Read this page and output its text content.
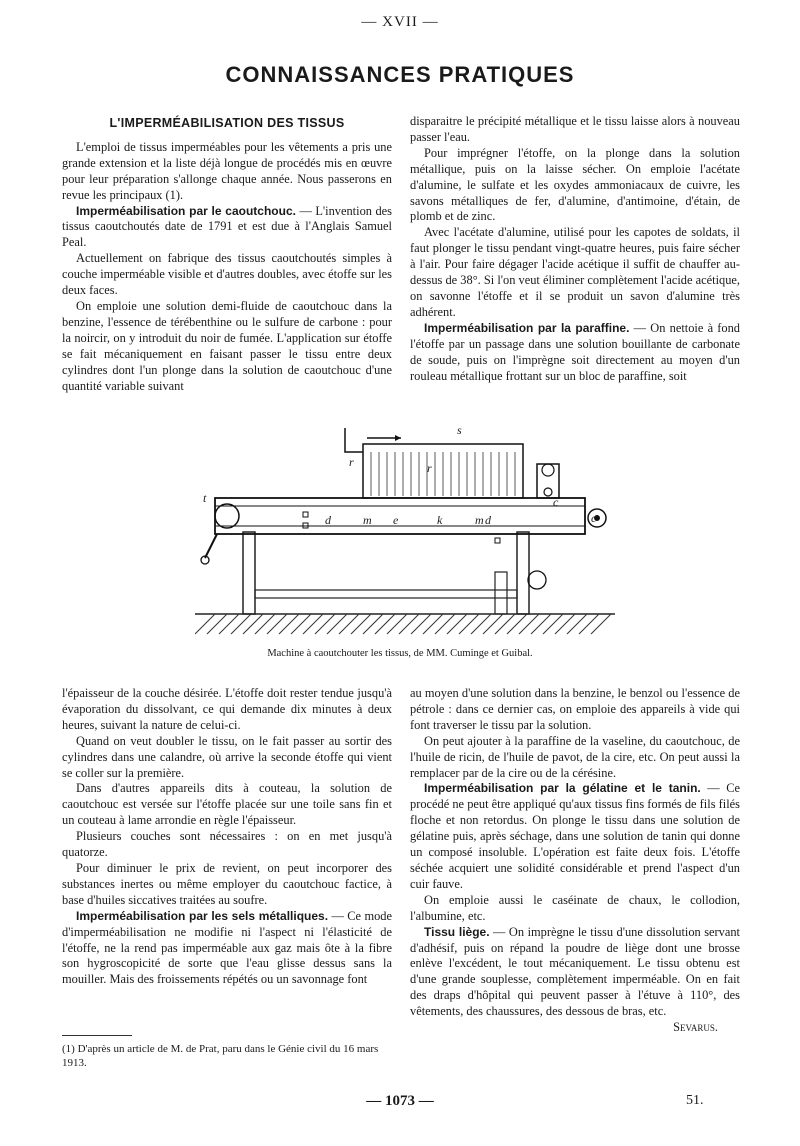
— XVII —
CONNAISSANCES PRATIQUES
L'IMPERMÉABILISATION DES TISSUS

L'emploi de tissus imperméables pour les vêtements a pris une grande extension et la liste déjà longue de procédés mis en œuvre pour leur préparation s'allonge chaque année. Nous passerons en revue les principaux (1).

Imperméabilisation par le caoutchouc. — L'invention des tissus caoutchoutés date de 1791 et est due à l'Anglais Samuel Peal.

Actuellement on fabrique des tissus caoutchoutés simples à couche imperméable visible et d'autres doubles, avec étoffe sur les deux faces.

On emploie une solution demi-fluide de caoutchouc dans la benzine, l'essence de térébenthine ou le sulfure de carbone : pour la noircir, on y introduit du noir de fumée. L'application sur étoffe se fait mécaniquement en faisant passer le tissu entre deux cylindres dont l'un plonge dans la solution de caoutchouc d'une quantité variable suivant

disparaitre le précipité métallique et le tissu laisse alors à nouveau passer l'eau.

Pour imprégner l'étoffe, on la plonge dans la solution métallique, puis on la laisse sécher. On emploie l'acétate d'alumine, le sulfate et les oxydes ammoniacaux de cuivre, les savons métalliques de fer, d'alumine, d'antimoine, d'étain, de plomb et de zinc.

Avec l'acétate d'alumine, utilisé pour les capotes de soldats, il faut plonger le tissu pendant vingt-quatre heures, puis faire sécher à l'air. Pour faire dégager l'acide acétique il suffit de chauffer au-dessus de 38°. Si l'on veut éliminer complètement l'acide acétique, on savonne l'étoffe et il se produit un savon d'alumine très adhérent.

Imperméabilisation par la paraffine. — On nettoie à fond l'étoffe par un passage dans une solution bouillante de carbonate de soude, puis on l'imprègne soit directement au moyen d'un rouleau métallique frottant sur un bloc de paraffine, soit

s
r	r
d	m e	k	m d
c
c
t
Machine à caoutchouter les tissus, de MM. Cuminge et Guibal.

l'épaisseur de la couche désirée. L'étoffe doit rester tendue jusqu'à évaporation du dissolvant, ce qui demande dix minutes à deux heures, suivant la nature de celui-ci.

Quand on veut doubler le tissu, on le fait passer au sortir des cylindres dans une calandre, où arrive la seconde étoffe qui vient se coller sur la première.

Dans d'autres appareils dits à couteau, la solution de caoutchouc est versée sur l'étoffe placée sur une toile sans fin et un couteau à lame arrondie en règle l'épaisseur.

Plusieurs couches sont nécessaires : on en met jusqu'à quatorze.

Pour diminuer le prix de revient, on peut incorporer des substances inertes ou même employer du caoutchouc factice, à base d'huiles siccatives traitées au soufre.

Imperméabilisation par les sels métalliques. — Ce mode d'imperméabilisation ne modifie ni l'aspect ni l'élasticité de l'étoffe, ne la rend pas imperméable aux gaz mais ôte à la fibre son hygroscopicité de sorte que l'eau glisse dessus sans la mouiller. Mais des froissements répétés ou un savonnage font

au moyen d'une solution dans la benzine, le benzol ou l'essence de pétrole : dans ce dernier cas, on emploie des appareils à vide qui font traverser le tissu par la solution.

On peut ajouter à la paraffine de la vaseline, du caoutchouc, de l'huile de ricin, de l'huile de pavot, de la cire, etc. On peut aussi la remplacer par de la cire ou de la cérésine.

Imperméabilisation par la gélatine et le tanin. — Ce procédé ne peut être appliqué qu'aux tissus fins formés de fils filés floche et non retordus. On plonge le tissu dans une solution de gélatine puis, après séchage, dans une solution de tanin qui donne un composé insoluble. L'opération est faite deux fois. L'étoffe séchée acquiert une solidité considérable et prend l'aspect d'un cuir fauve.

On emploie aussi le caséinate de chaux, le collodion, l'albumine, etc.

Tissu liège. — On imprègne le tissu d'une dissolution servant d'adhésif, puis on répand la poudre de liège dont une brosse enlève l'excédent, le tout mécaniquement. Le tissu obtenu est d'une grande souplesse, complètement imperméable. On en fait des draps d'hôpital qui peuvent passer à l'étuve à 110°, des vêtements, des chaussures, des dessous de bras, etc.

Sevarus.
(1) D'après un article de M. de Prat, paru dans le Génie civil du 16 mars 1913.
— 1073 —	51.
